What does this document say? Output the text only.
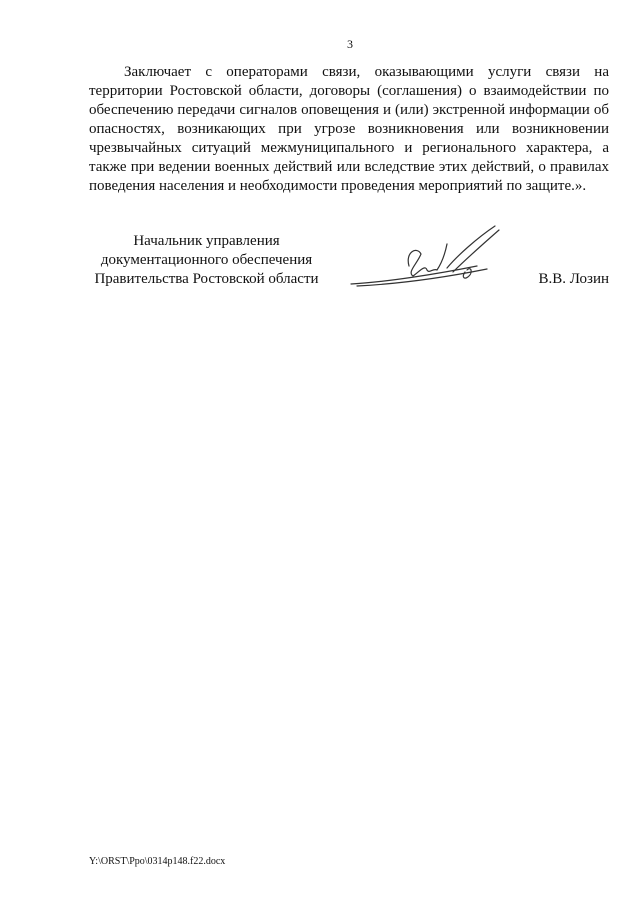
3

Заключает с операторами связи, оказывающими услуги связи на территории Ростовской области, договоры (соглашения) о взаимодействии по обеспечению передачи сигналов оповещения и (или) экстренной информации об опасностях, возникающих при угрозе возникновения или возникновении чрезвычайных ситуаций межмуниципального и регионального характера, а также при ведении военных действий или вследствие этих действий, о правилах поведения населения и необходимости проведения мероприятий по защите.».

Начальник управления
документационного обеспечения
Правительства Ростовской области	В.В. Лозин
Y:\ORST\Ppo\0314p148.f22.docx
